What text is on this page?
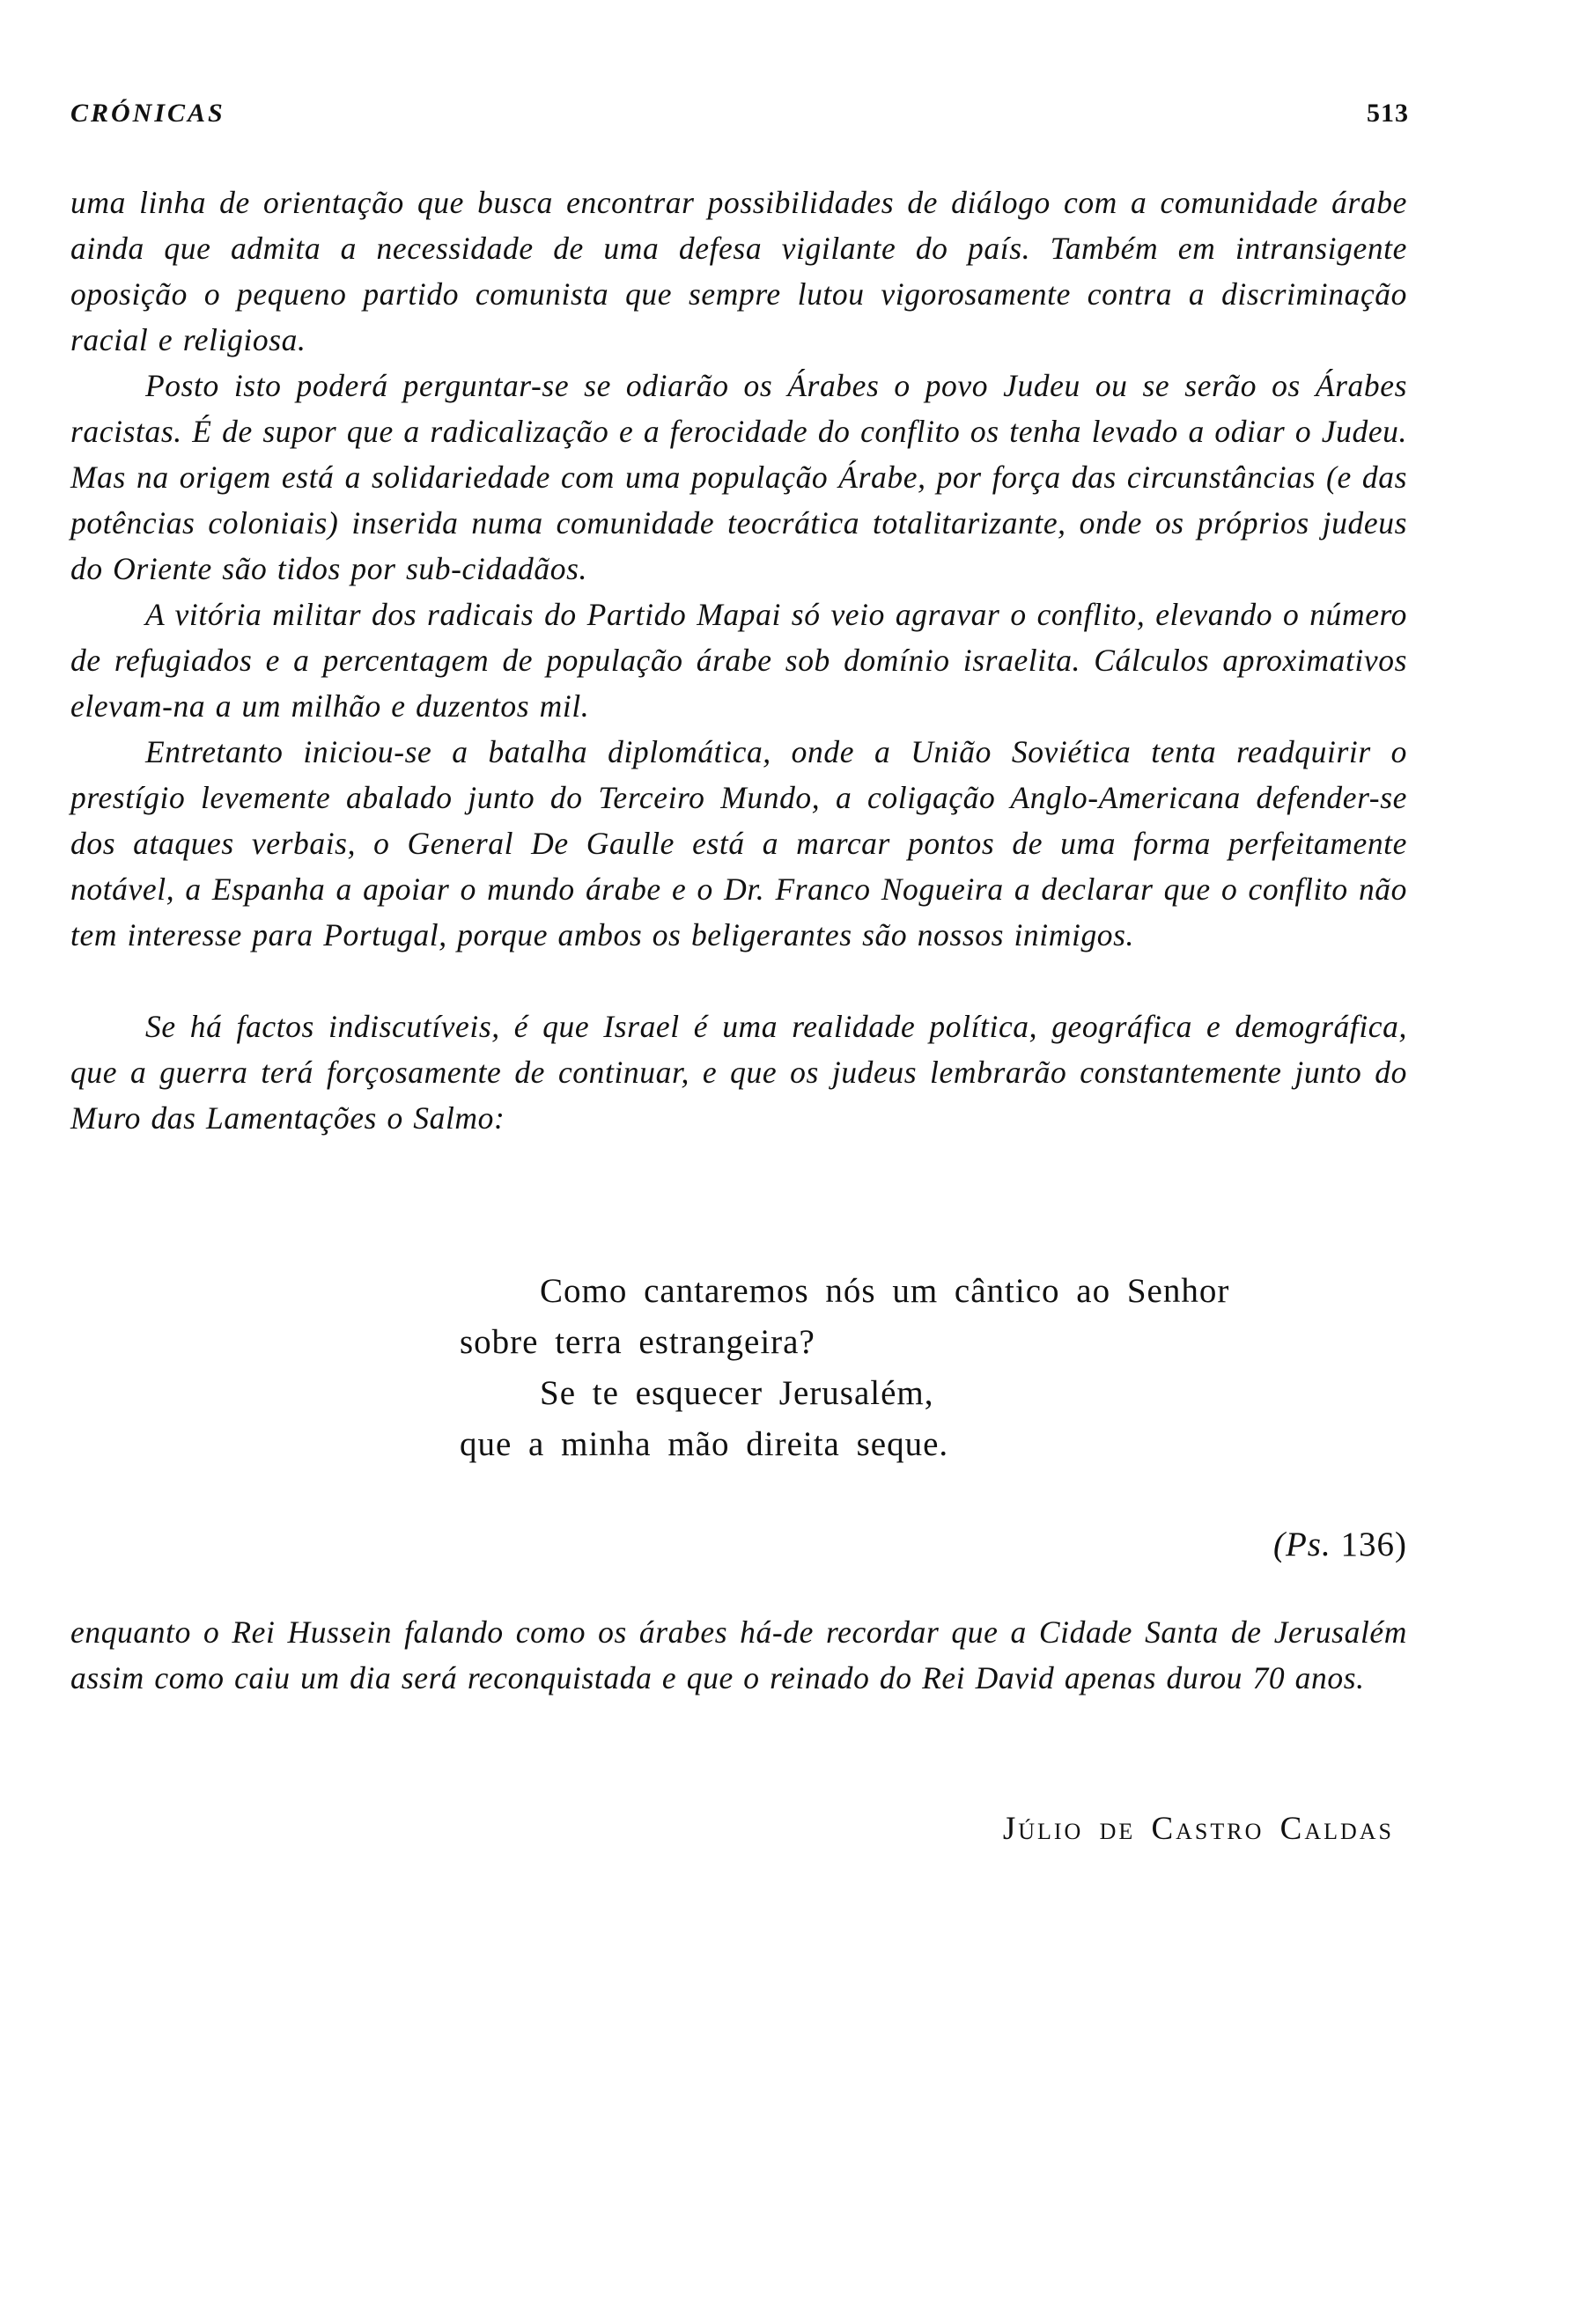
CRÓNICAS	513

uma linha de orientação que busca encontrar possibilidades de diálogo com a comunidade árabe ainda que admita a necessidade de uma defesa vigilante do país. Também em intransigente oposição o pequeno partido comunista que sempre lutou vigorosamente contra a discriminação racial e religiosa.

Posto isto poderá perguntar-se se odiarão os Árabes o povo Judeu ou se serão os Árabes racistas. É de supor que a radicalização e a ferocidade do conflito os tenha levado a odiar o Judeu. Mas na origem está a solidariedade com uma população Árabe, por força das circunstâncias (e das potências coloniais) inserida numa comunidade teocrática totalitarizante, onde os próprios judeus do Oriente são tidos por sub-cidadãos.

A vitória militar dos radicais do Partido Mapai só veio agravar o conflito, elevando o número de refugiados e a percentagem de população árabe sob domínio israelita. Cálculos aproximativos elevam-na a um milhão e duzentos mil.

Entretanto iniciou-se a batalha diplomática, onde a União Soviética tenta readquirir o prestígio levemente abalado junto do Terceiro Mundo, a coligação Anglo-Americana defender-se dos ataques verbais, o General De Gaulle está a marcar pontos de uma forma perfeitamente notável, a Espanha a apoiar o mundo árabe e o Dr. Franco Nogueira a declarar que o conflito não tem interesse para Portugal, porque ambos os beligerantes são nossos inimigos.

Se há factos indiscutíveis, é que Israel é uma realidade política, geográfica e demográfica, que a guerra terá forçosamente de continuar, e que os judeus lembrarão constantemente junto do Muro das Lamentações o Salmo:

Como cantaremos nós um cântico ao Senhor
sobre terra estrangeira?
Se te esquecer Jerusalém,
que a minha mão direita seque.
(Ps. 136)

enquanto o Rei Hussein falando como os árabes há-de recordar que a Cidade Santa de Jerusalém assim como caiu um dia será reconquistada e que o reinado do Rei David apenas durou 70 anos.

Júlio de Castro Caldas
